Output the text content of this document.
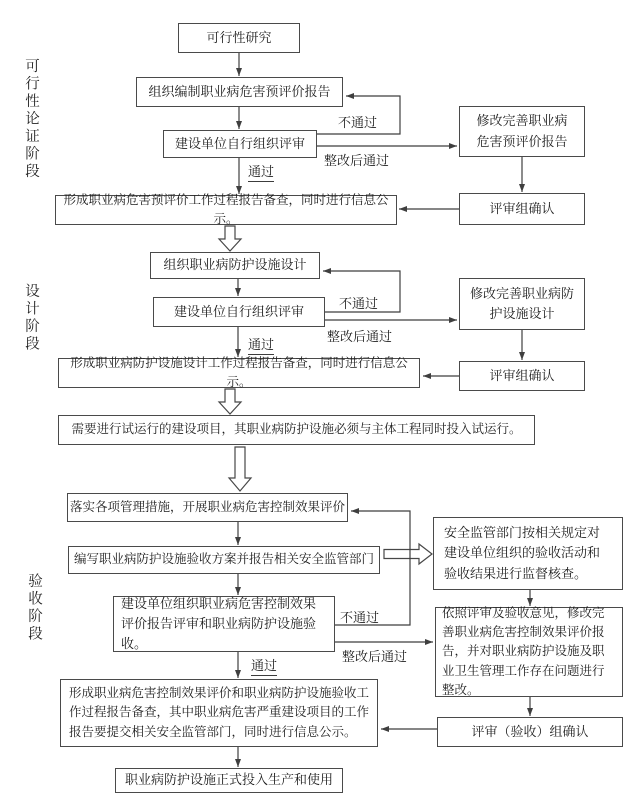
可行性论证阶段
设计阶段
验收阶段
可行性研究
组织编制职业病危害预评价报告
建设单位自行组织评审
形成职业病危害预评价工作过程报告备查，同时进行信息公示。
修改完善职业病危害预评价报告
评审组确认
组织职业病防护设施设计
建设单位自行组织评审
形成职业病防护设施设计工作过程报告备查，同时进行信息公示。
修改完善职业病防护设施设计
评审组确认
需要进行试运行的建设项目，其职业病防护设施必须与主体工程同时投入试运行。
落实各项管理措施，开展职业病危害控制效果评价
编写职业病防护设施验收方案并报告相关安全监管部门
建设单位组织职业病危害控制效果评价报告评审和职业病防护设施验收。
安全监管部门按相关规定对建设单位组织的验收活动和验收结果进行监督核查。
依照评审及验收意见，修改完善职业病危害控制效果评价报告，并对职业病防护设施及职业卫生管理工作存在问题进行整改。
评审（验收）组确认
形成职业病危害控制效果评价和职业病防护设施验收工作过程报告备查，其中职业病危害严重建设项目的工作报告要提交相关安全监管部门，同时进行信息公示。
职业病防护设施正式投入生产和使用
不通过
整改后通过
通过
不通过
整改后通过
通过
不通过
整改后通过
通过
